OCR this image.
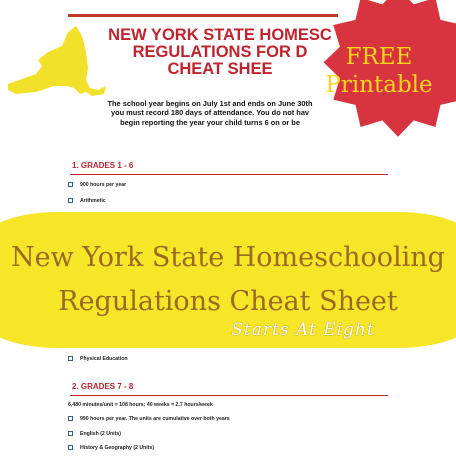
NEW YORK STATE HOMESC
REGULATIONS FOR D
CHEAT SHEE
The school year begins on July 1st and ends on June 30th
you must record 180 days of attendance. You do not hav
begin reporting the year your child turns 6 on or be
1. GRADES 1 - 6
900 hours per year
Arithmetic
Physical Education
2. GRADES 7 - 8
6,480 minutes/unit = 108 hours; 40 weeks = 2.7 hours/week
990 hours per year. The units are cumulative over both years
English (2 Units)
History & Geography (2 Units)
FREE
Printable
New York State Homeschooling
Regulations Cheat Sheet
Starts At Eight
